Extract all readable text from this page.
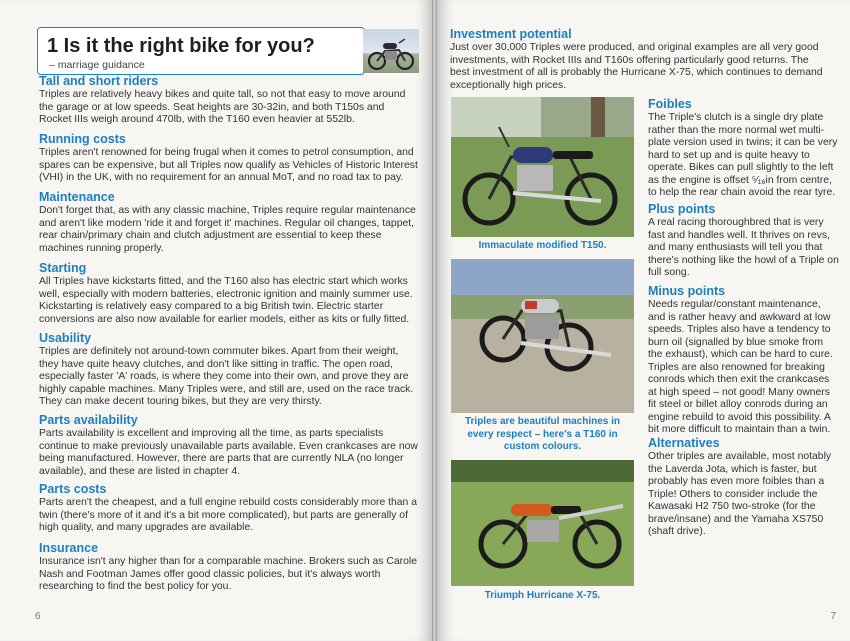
1 Is it the right bike for you?
– marriage guidance
Tall and short riders

Triples are relatively heavy bikes and quite tall, so not that easy to move around the garage or at low speeds. Seat heights are 30-32in, and both T150s and Rocket IIIs weigh around 470lb, with the T160 even heavier at 552lb.

Running costs

Triples aren't renowned for being frugal when it comes to petrol consumption, and spares can be expensive, but all Triples now qualify as Vehicles of Historic Interest (VHI) in the UK, with no requirement for an annual MoT, and no road tax to pay.

Maintenance

Don't forget that, as with any classic machine, Triples require regular maintenance and aren't like modern 'ride it and forget it' machines. Regular oil changes, tappet, rear chain/primary chain and clutch adjustment are essential to keep these machines running properly.

Starting

All Triples have kickstarts fitted, and the T160 also has electric start which works well, especially with modern batteries, electronic ignition and mainly summer use. Kickstarting is relatively easy compared to a big British twin. Electric starter conversions are also now available for earlier models, either as kits or fully fitted.

Usability

Triples are definitely not around-town commuter bikes. Apart from their weight, they have quite heavy clutches, and don't like sitting in traffic. The open road, especially faster 'A' roads, is where they come into their own, and prove they are highly capable machines. Many Triples were, and still are, used on the race track. They can make decent touring bikes, but they are very thirsty.

Parts availability

Parts availability is excellent and improving all the time, as parts specialists continue to make previously unavailable parts available. Even crankcases are now being manufactured. However, there are parts that are currently NLA (no longer available), and these are listed in chapter 4.

Parts costs

Parts aren't the cheapest, and a full engine rebuild costs considerably more than a twin (there's more of it and it's a bit more complicated), but parts are generally of high quality, and many upgrades are available.

Insurance

Insurance isn't any higher than for a comparable machine. Brokers such as Carole Nash and Footman James offer good classic policies, but it's always worth researching to find the best policy for you.

6
Investment potential

Just over 30,000 Triples were produced, and original examples are all very good investments, with Rocket IIIs and T160s offering particularly good returns. The best investment of all is probably the Hurricane X-75, which continues to demand exceptionally high prices.

Immaculate modified T150.
Triples are beautiful machines in every respect – here's a T160 in custom colours.
Triumph Hurricane X-75.
Foibles

The Triple's clutch is a single dry plate rather than the more normal wet multi-plate version used in twins; it can be very hard to set up and is quite heavy to operate. Bikes can pull slightly to the left as the engine is offset ⁵⁄₁₆in from centre, to help the rear chain avoid the rear tyre.

Plus points

A real racing thoroughbred that is very fast and handles well. It thrives on revs, and many enthusiasts will tell you that there's nothing like the howl of a Triple on full song.

Minus points

Needs regular/constant maintenance, and is rather heavy and awkward at low speeds. Triples also have a tendency to burn oil (signalled by blue smoke from the exhaust), which can be hard to cure. Triples are also renowned for breaking conrods which then exit the crankcases at high speed – not good! Many owners fit steel or billet alloy conrods during an engine rebuild to avoid this possibility. A bit more difficult to maintain than a twin.

Alternatives

Other triples are available, most notably the Laverda Jota, which is faster, but probably has even more foibles than a Triple! Others to consider include the Kawasaki H2 750 two-stroke (for the brave/insane) and the Yamaha XS750 (shaft drive).

7
